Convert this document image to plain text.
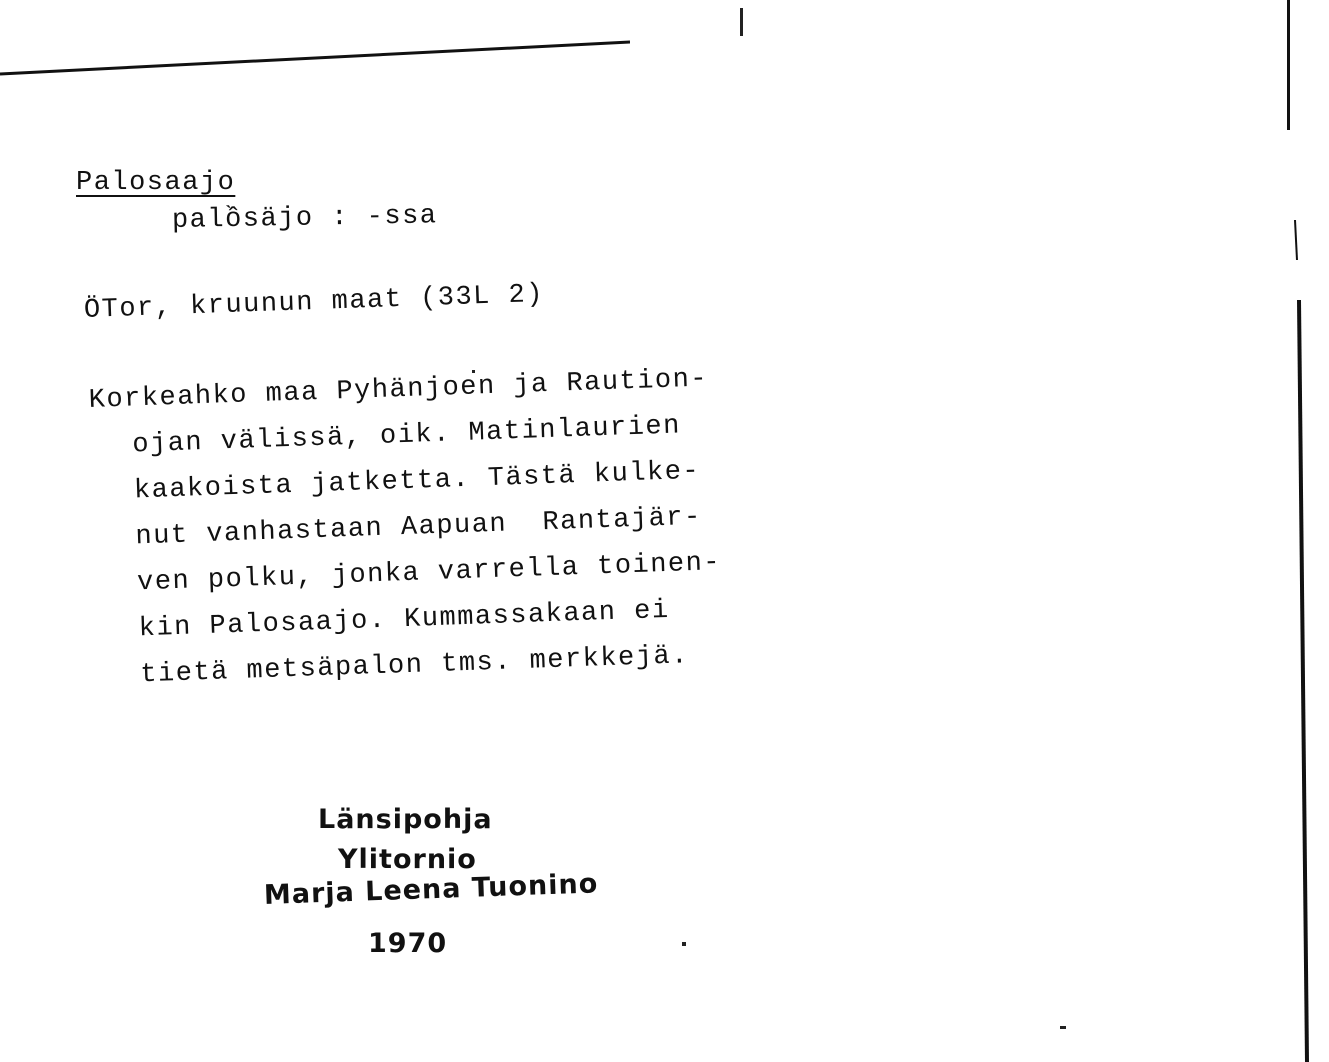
Palosaajo
palồsäjo : -ssa
ÖTor, kruunun maat (33L 2)
Korkeahko maa Pyhänjoen ja Raution-
ojan välissä, oik. Matinlaurien
kaakoista jatketta. Tästä kulke-
nut vanhastaan Aapuan  Rantajär-
ven polku, jonka varrella toinen-
kin Palosaajo. Kummassakaan ei
tietä metsäpalon tms. merkkejä.
Länsipohja
Ylitornio
Marja Leena Tuonino
1970
